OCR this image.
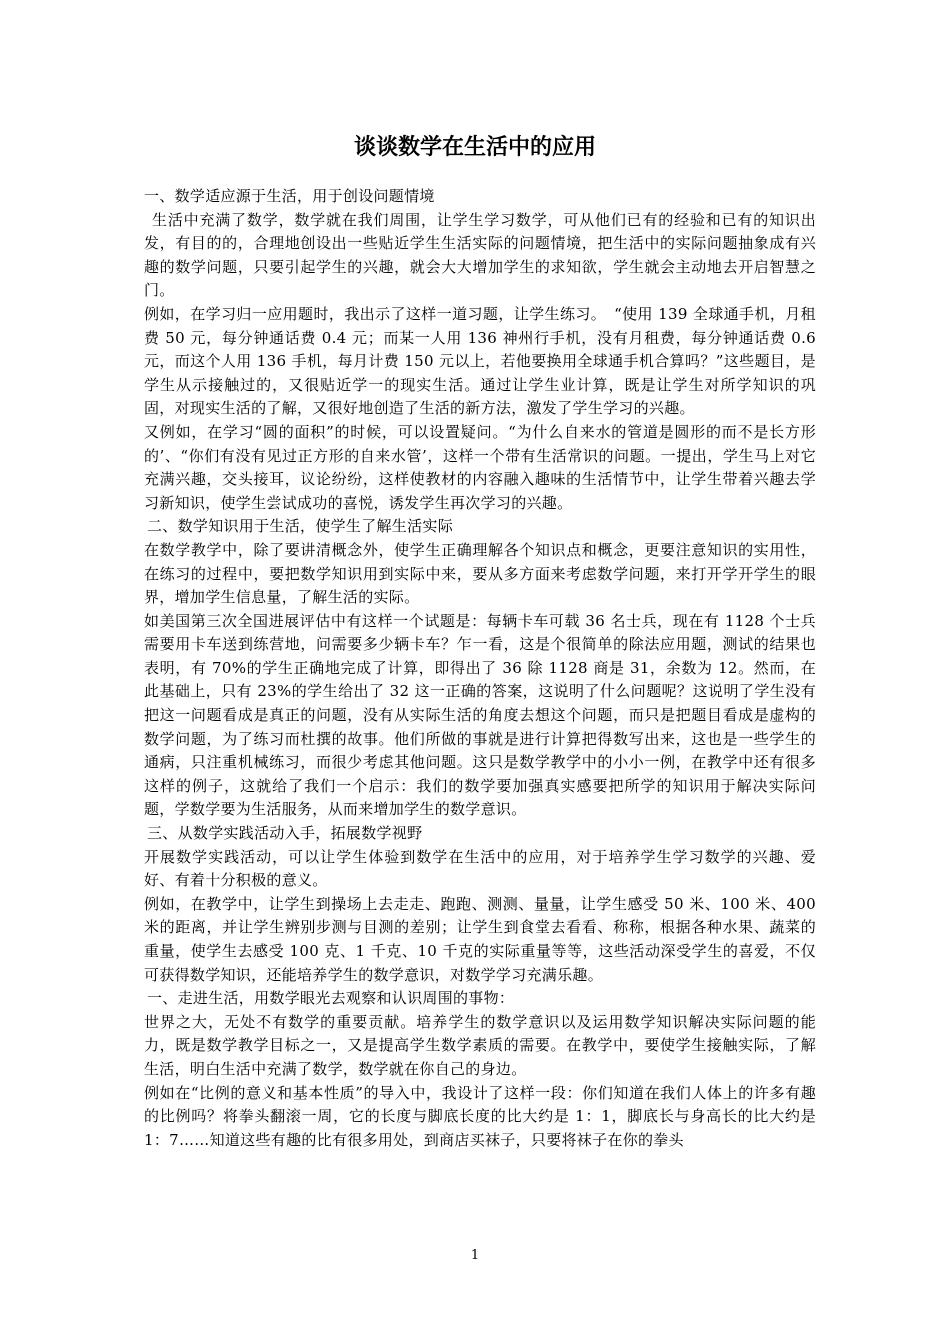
谈谈数学在生活中的应用

一、数学适应源于生活，用于创设问题情境

生活中充满了数学，数学就在我们周围，让学生学习数学，可从他们已有的经验和已有的知识出发，有目的的，合理地创设出一些贴近学生生活实际的问题情境，把生活中的实际问题抽象成有兴趣的数学问题，只要引起学生的兴趣，就会大大增加学生的求知欲，学生就会主动地去开启智慧之门。

例如，在学习归一应用题时，我出示了这样一道习题，让学生练习。　“使用 139 全球通手机，月租费 50 元，每分钟通话费 0.4 元；而某一人用 136 神州行手机，没有月租费，每分钟通话费 0.6 元，而这个人用 136 手机，每月计费 150 元以上，若他要换用全球通手机合算吗？”这些题目，是学生从示接触过的，又很贴近学一的现实生活。通过让学生业计算，既是让学生对所学知识的巩固，对现实生活的了解，又很好地创造了生活的新方法，激发了学生学习的兴趣。

又例如，在学习“圆的面积”的时候，可以设置疑问。“为什么自来水的管道是圆形的而不是长方形的’、“你们有没有见过正方形的自来水管’，这样一个带有生活常识的问题。一提出，学生马上对它充满兴趣，交头接耳，议论纷纷，这样使教材的内容融入趣味的生活情节中，让学生带着兴趣去学习新知识，使学生尝试成功的喜悦，诱发学生再次学习的兴趣。

二、数学知识用于生活，使学生了解生活实际

在数学教学中，除了要讲清概念外，使学生正确理解各个知识点和概念，更要注意知识的实用性，在练习的过程中，要把数学知识用到实际中来，要从多方面来考虑数学问题，来打开学开学生的眼界，增加学生信息量，了解生活的实际。

如美国第三次全国进展评估中有这样一个试题是：每辆卡车可载 36 名士兵，现在有 1128 个士兵需要用卡车送到练营地，问需要多少辆卡车？乍一看，这是个很简单的除法应用题，测试的结果也表明，有 70%的学生正确地完成了计算，即得出了 36 除 1128 商是 31，余数为 12。然而，在此基础上，只有 23%的学生给出了 32 这一正确的答案，这说明了什么问题呢？这说明了学生没有把这一问题看成是真正的问题，没有从实际生活的角度去想这个问题，而只是把题目看成是虚构的数学问题，为了练习而杜撰的故事。他们所做的事就是进行计算把得数写出来，这也是一些学生的通病，只注重机械练习，而很少考虑其他问题。这只是数学教学中的小小一例，在教学中还有很多这样的例子，这就给了我们一个启示：我们的数学要加强真实感要把所学的知识用于解决实际问题，学数学要为生活服务，从而来增加学生的数学意识。

三、从数学实践活动入手，拓展数学视野

开展数学实践活动，可以让学生体验到数学在生活中的应用，对于培养学生学习数学的兴趣、爱好、有着十分积极的意义。

例如，在教学中，让学生到操场上去走走、跑跑、测测、量量，让学生感受 50 米、100 米、400 米的距离，并让学生辨别步测与目测的差别；让学生到食堂去看看、称称，根据各种水果、蔬菜的重量，使学生去感受 100 克、1 千克、10 千克的实际重量等等，这些活动深受学生的喜爱，不仅可获得数学知识，还能培养学生的数学意识，对数学学习充满乐趣。

一、走进生活，用数学眼光去观察和认识周围的事物：

世界之大，无处不有数学的重要贡献。培养学生的数学意识以及运用数学知识解决实际问题的能力，既是数学教学目标之一，又是提高学生数学素质的需要。在教学中，要使学生接触实际，了解生活，明白生活中充满了数学，数学就在你自己的身边。

例如在“比例的意义和基本性质”的导入中，我设计了这样一段：你们知道在我们人体上的许多有趣的比例吗？将拳头翻滚一周，它的长度与脚底长度的比大约是 1：1，脚底长与身高长的比大约是 1：7……知道这些有趣的比有很多用处，到商店买袜子，只要将袜子在你的拳头

1
